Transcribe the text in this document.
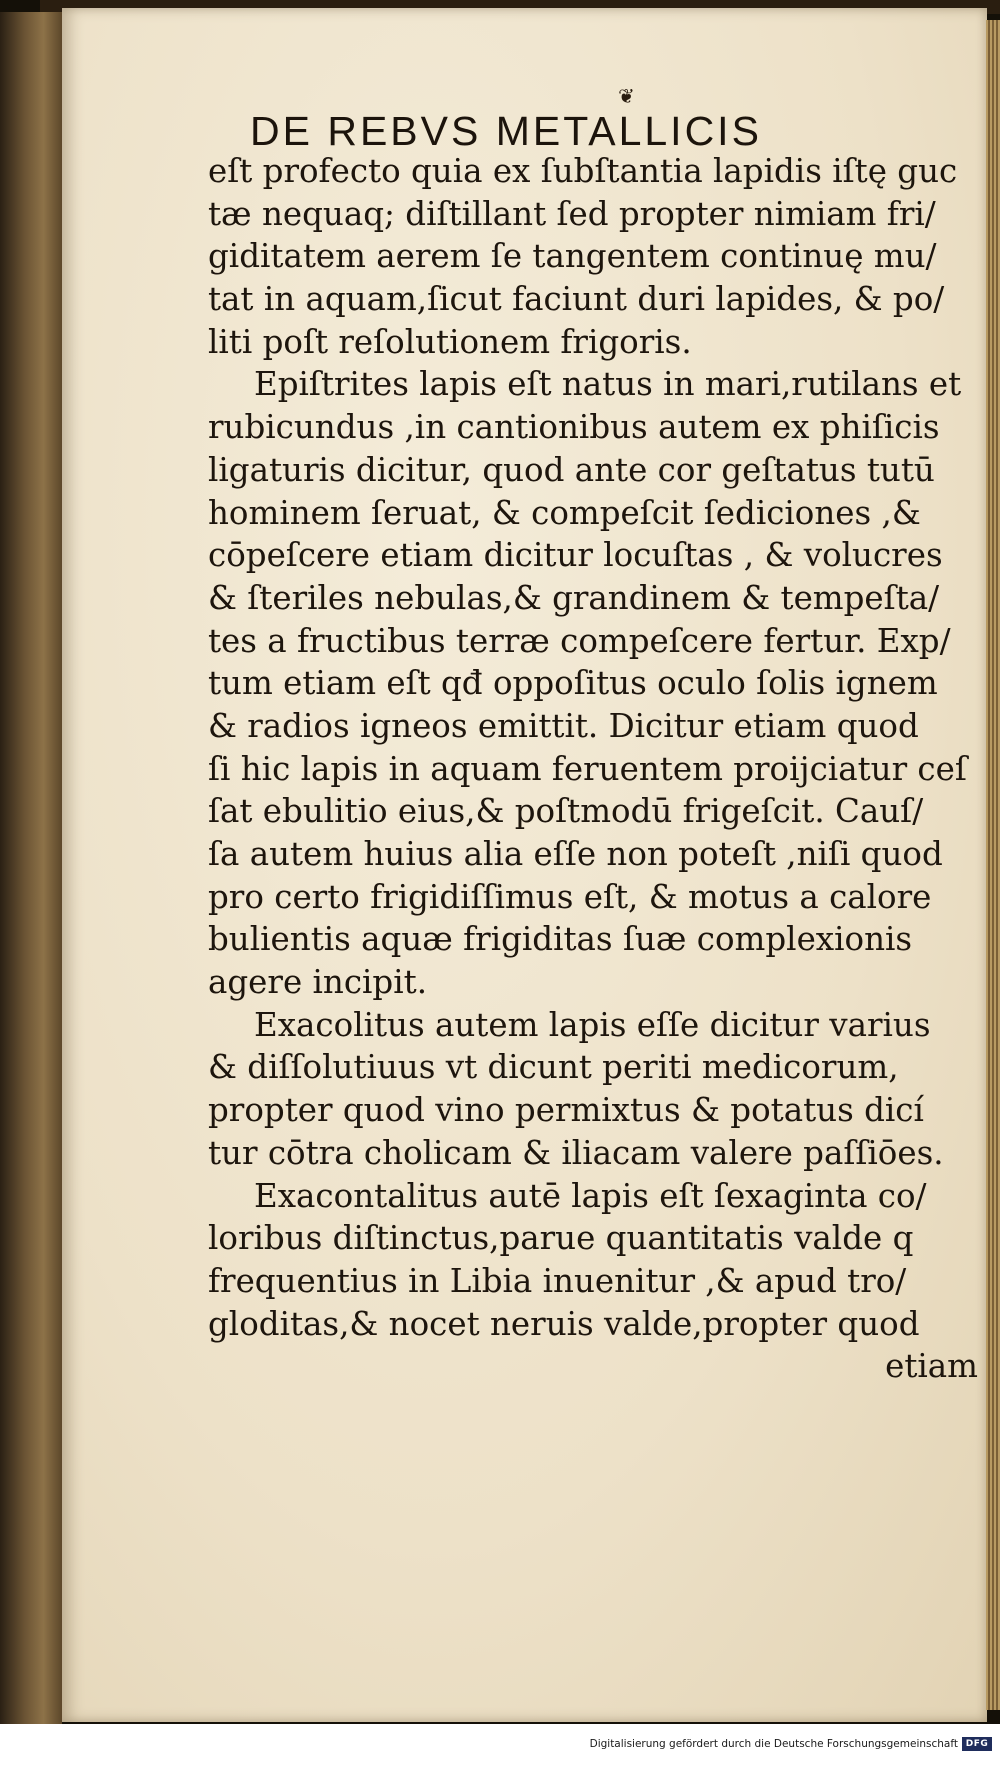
❦
DE REBVS METALLICIS
eſt profecto quia ex ſubſtantia lapidis iſtę guc
tæ nequaq; diſtillant ſed propter nimiam fri/
giditatem aerem ſe tangentem continuę mu/
tat in aquam,ſicut faciunt duri lapides, & po/
liti poſt reſolutionem frigoris.
Epiſtrites lapis eſt natus in mari,rutilans et
rubicundus ,in cantionibus autem ex phiſicis
ligaturis dicitur, quod ante cor geſtatus tutū
hominem ſeruat, & compeſcit ſediciones ,&
cōpeſcere etiam dicitur locuſtas , & volucres
& ſteriles nebulas,& grandinem & tempeſta/
tes a fructibus terræ compeſcere fertur. Exp/
tum etiam eſt qđ oppoſitus oculo ſolis ignem
& radios igneos emittit. Dicitur etiam quod
ſi hic lapis in aquam feruentem proijciatur ceſ
ſat ebulitio eius,& poſtmodū frigeſcit. Cauſ/
ſa autem huius alia eſſe non poteſt ,niſi quod
pro certo frigidiſſimus eſt, & motus a calore
bulientis aquæ frigiditas ſuæ complexionis
agere incipit.
Exacolitus autem lapis eſſe dicitur varius
& diſſolutiuus vt dicunt periti medicorum,
propter quod vino permixtus & potatus dicí
tur cōtra cholicam & iliacam valere paſſiōes.
Exacontalitus autē lapis eſt ſexaginta co/
loribus diſtinctus,parue quantitatis valde q
frequentius in Libia inuenitur ,& apud tro/
gloditas,& nocet neruis valde,propter quod
etiam
Digitalisierung gefördert durch die Deutsche Forschungsgemeinschaft DFG
